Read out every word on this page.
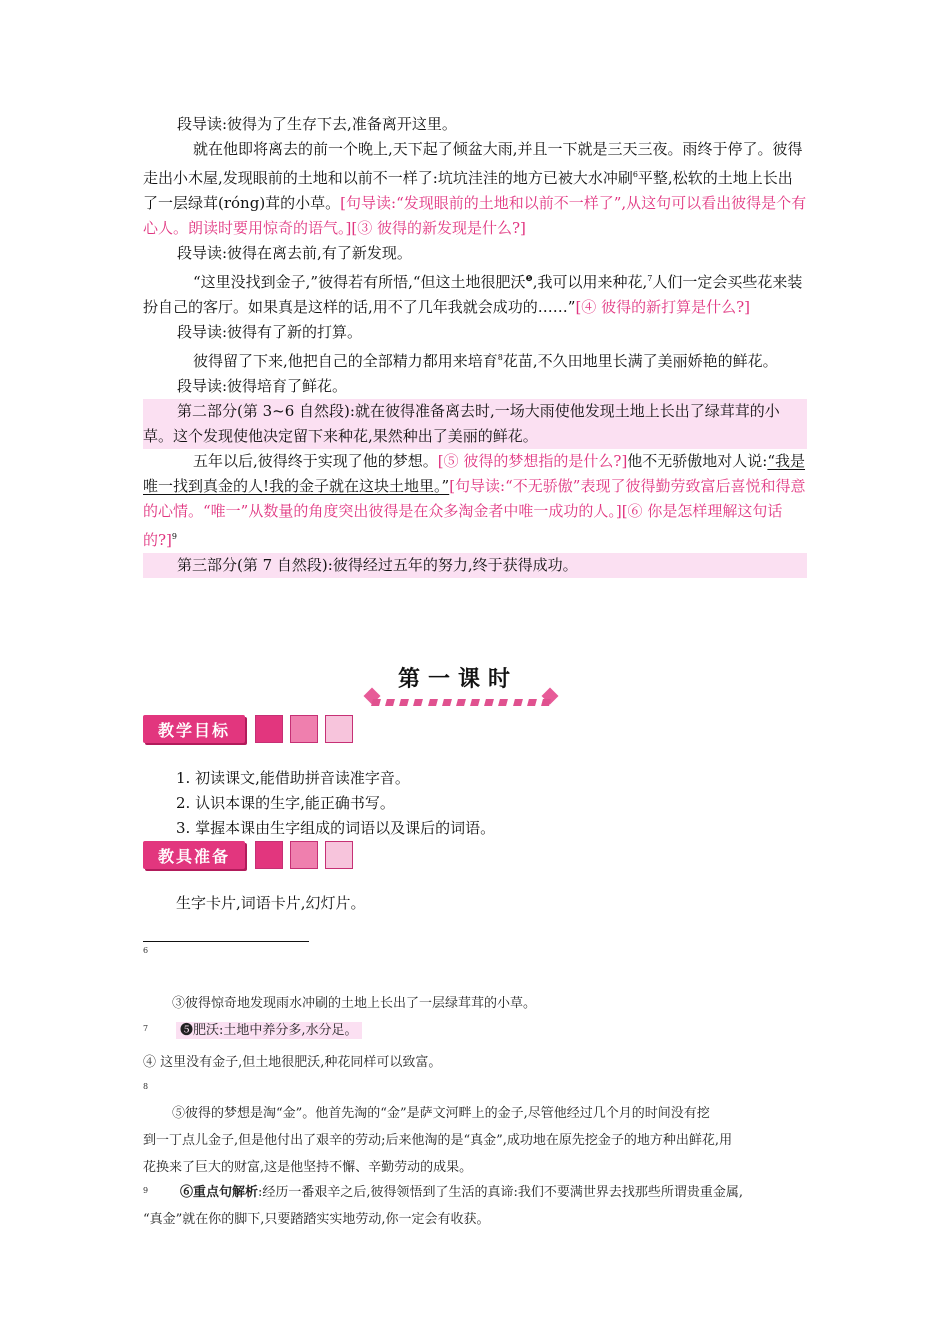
段导读:彼得为了生存下去,准备离开这里。

就在他即将离去的前一个晚上,天下起了倾盆大雨,并且一下就是三天三夜。雨终于停了。彼得走出小木屋,发现眼前的土地和以前不一样了:坑坑洼洼的地方已被大水冲刷$^6$平整,松软的土地上长出了一层绿茸(róng)茸的小草。[句导读:“发现眼前的土地和以前不一样了”,从这句可以看出彼得是个有心人。朗读时要用惊奇的语气。][③ 彼得的新发现是什么?]

段导读:彼得在离去前,有了新发现。

“这里没找到金子,”彼得若有所悟,“但这土地很肥沃$^❺$,我可以用来种花,$^7$人们一定会买些花来装扮自己的客厅。如果真是这样的话,用不了几年我就会成功的……”[④ 彼得的新打算是什么?]

段导读:彼得有了新的打算。

彼得留了下来,他把自己的全部精力都用来培育$^8$花苗,不久田地里长满了美丽娇艳的鲜花。

段导读:彼得培育了鲜花。

第二部分(第 3~6 自然段):就在彼得准备离去时,一场大雨使他发现土地上长出了绿茸茸的小草。这个发现使他决定留下来种花,果然种出了美丽的鲜花。

五年以后,彼得终于实现了他的梦想。[⑤ 彼得的梦想指的是什么?]他不无骄傲地对人说:“我是唯一找到真金的人!我的金子就在这块土地里。”[句导读:“不无骄傲”表现了彼得勤劳致富后喜悦和得意的心情。“唯一”从数量的角度突出彼得是在众多淘金者中唯一成功的人。][⑥ 你是怎样理解这句话的?]$^9$

第三部分(第 7 自然段):彼得经过五年的努力,终于获得成功。

第一课时
教学目标
1. 初读课文,能借助拼音读准字音。
2. 认识本课的生字,能正确书写。
3. 掌握本课由生字组成的词语以及课后的词语。
教具准备
生字卡片,词语卡片,幻灯片。
6
③彼得惊奇地发现雨水冲刷的土地上长出了一层绿茸茸的小草。
7	❺肥沃:土地中养分多,水分足。
④ 这里没有金子,但土地很肥沃,种花同样可以致富。
8
⑤彼得的梦想是淘“金”。他首先淘的“金”是萨文河畔上的金子,尽管他经过几个月的时间没有挖
到一丁点儿金子,但是他付出了艰辛的劳动;后来他淘的是“真金”,成功地在原先挖金子的地方种出鲜花,用
花换来了巨大的财富,这是他坚持不懈、辛勤劳动的成果。
9 ⑥重点句解析:经历一番艰辛之后,彼得领悟到了生活的真谛:我们不要满世界去找那些所谓贵重金属,
“真金”就在你的脚下,只要踏踏实实地劳动,你一定会有收获。
